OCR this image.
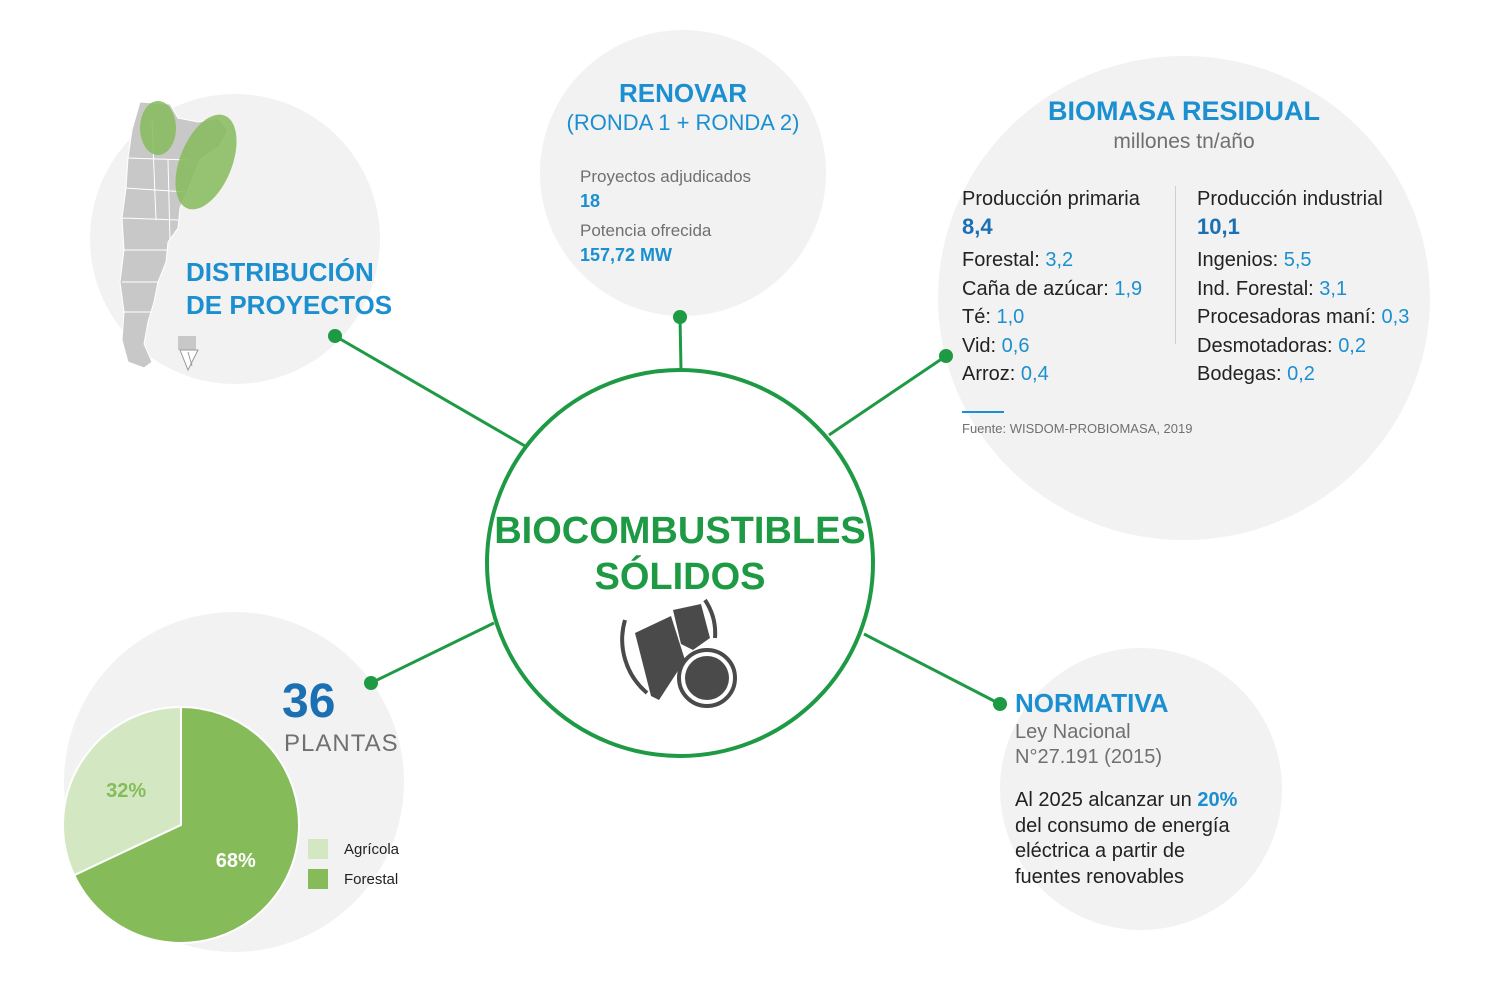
BIOCOMBUSTIBLES
SÓLIDOS
DISTRIBUCIÓN
DE PROYECTOS
RENOVAR
(RONDA 1 + RONDA 2)
Proyectos adjudicados
18
Potencia ofrecida
157,72 MW
BIOMASA RESIDUAL
millones tn/año
Producción primaria
8,4
Forestal: 3,2
Caña de azúcar: 1,9
Té: 1,0
Vid: 0,6
Arroz: 0,4
Producción industrial
10,1
Ingenios: 5,5
Ind. Forestal: 3,1
Procesadoras maní: 0,3
Desmotadoras: 0,2
Bodegas: 0,2
Fuente: WISDOM-PROBIOMASA, 2019
36
PLANTAS
32%
68%
Agrícola
Forestal
NORMATIVA
Ley Nacional
N°27.191 (2015)
Al 2025 alcanzar un 20%
del consumo de energía
eléctrica a partir de
fuentes renovables
